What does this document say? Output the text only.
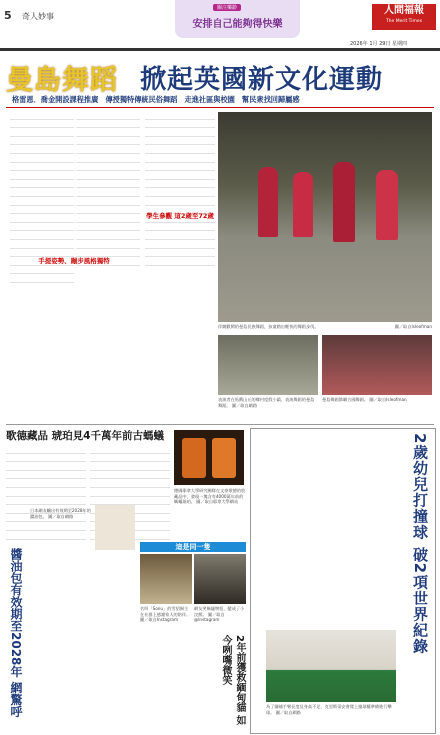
5 奇人妙事
關注樂齡
安排自己能夠得快樂
人間福報
The Merit Times
2026年 1月 29日 星期四
曼島舞蹈 掀起英國新文化運動
格雷恩．喬金開設課程推廣　傳授獨特傳統民俗舞蹈　走進社區與校園　幫民衆找回歸屬感
手提姿勢、蹦步風格獨特
學生參觀 這2歲至72歲
伴隨歡鬧的曼島民族舞蹈，孩童踏出輕快的舞蹈步伐。	圖／取自Isleofman
表演者在馬戲山丘的鄉村度假小鎮，表演舞蹈的曼島舞蹈。 圖／取自網路
曼島舞蹈節聯合國舞蹈。 圖／取自Isleofman
歌德藏品 琥珀見4千萬年前古螞蟻
德國耶拿大學研究團隊在文豪歌德的收藏品中，發現一塊含有4000萬年前的螞蟻琥珀。 圖／取自耶拿大學網站
醬油包有效期至2028年 網驚呼
日本網友曬出有效期至2028年的醬油包。 圖／取自網路
這是同一隻
名叫「Sonu」的雪貂飼主在社群上感謝家人的陪伴。 圖／取自Instagram
網友笑稱寵物貂，變成了小浣熊。 圖／取自@Instagram
2年前獲救緬甸貓 如今咧嘴微笑
2歲幼兒打撞球 破2項世界紀錄
為了彌補手臂長度及身高不足，克里斯蒂安會爬上撞球檯準備進行擊球。 圖／取自網路
